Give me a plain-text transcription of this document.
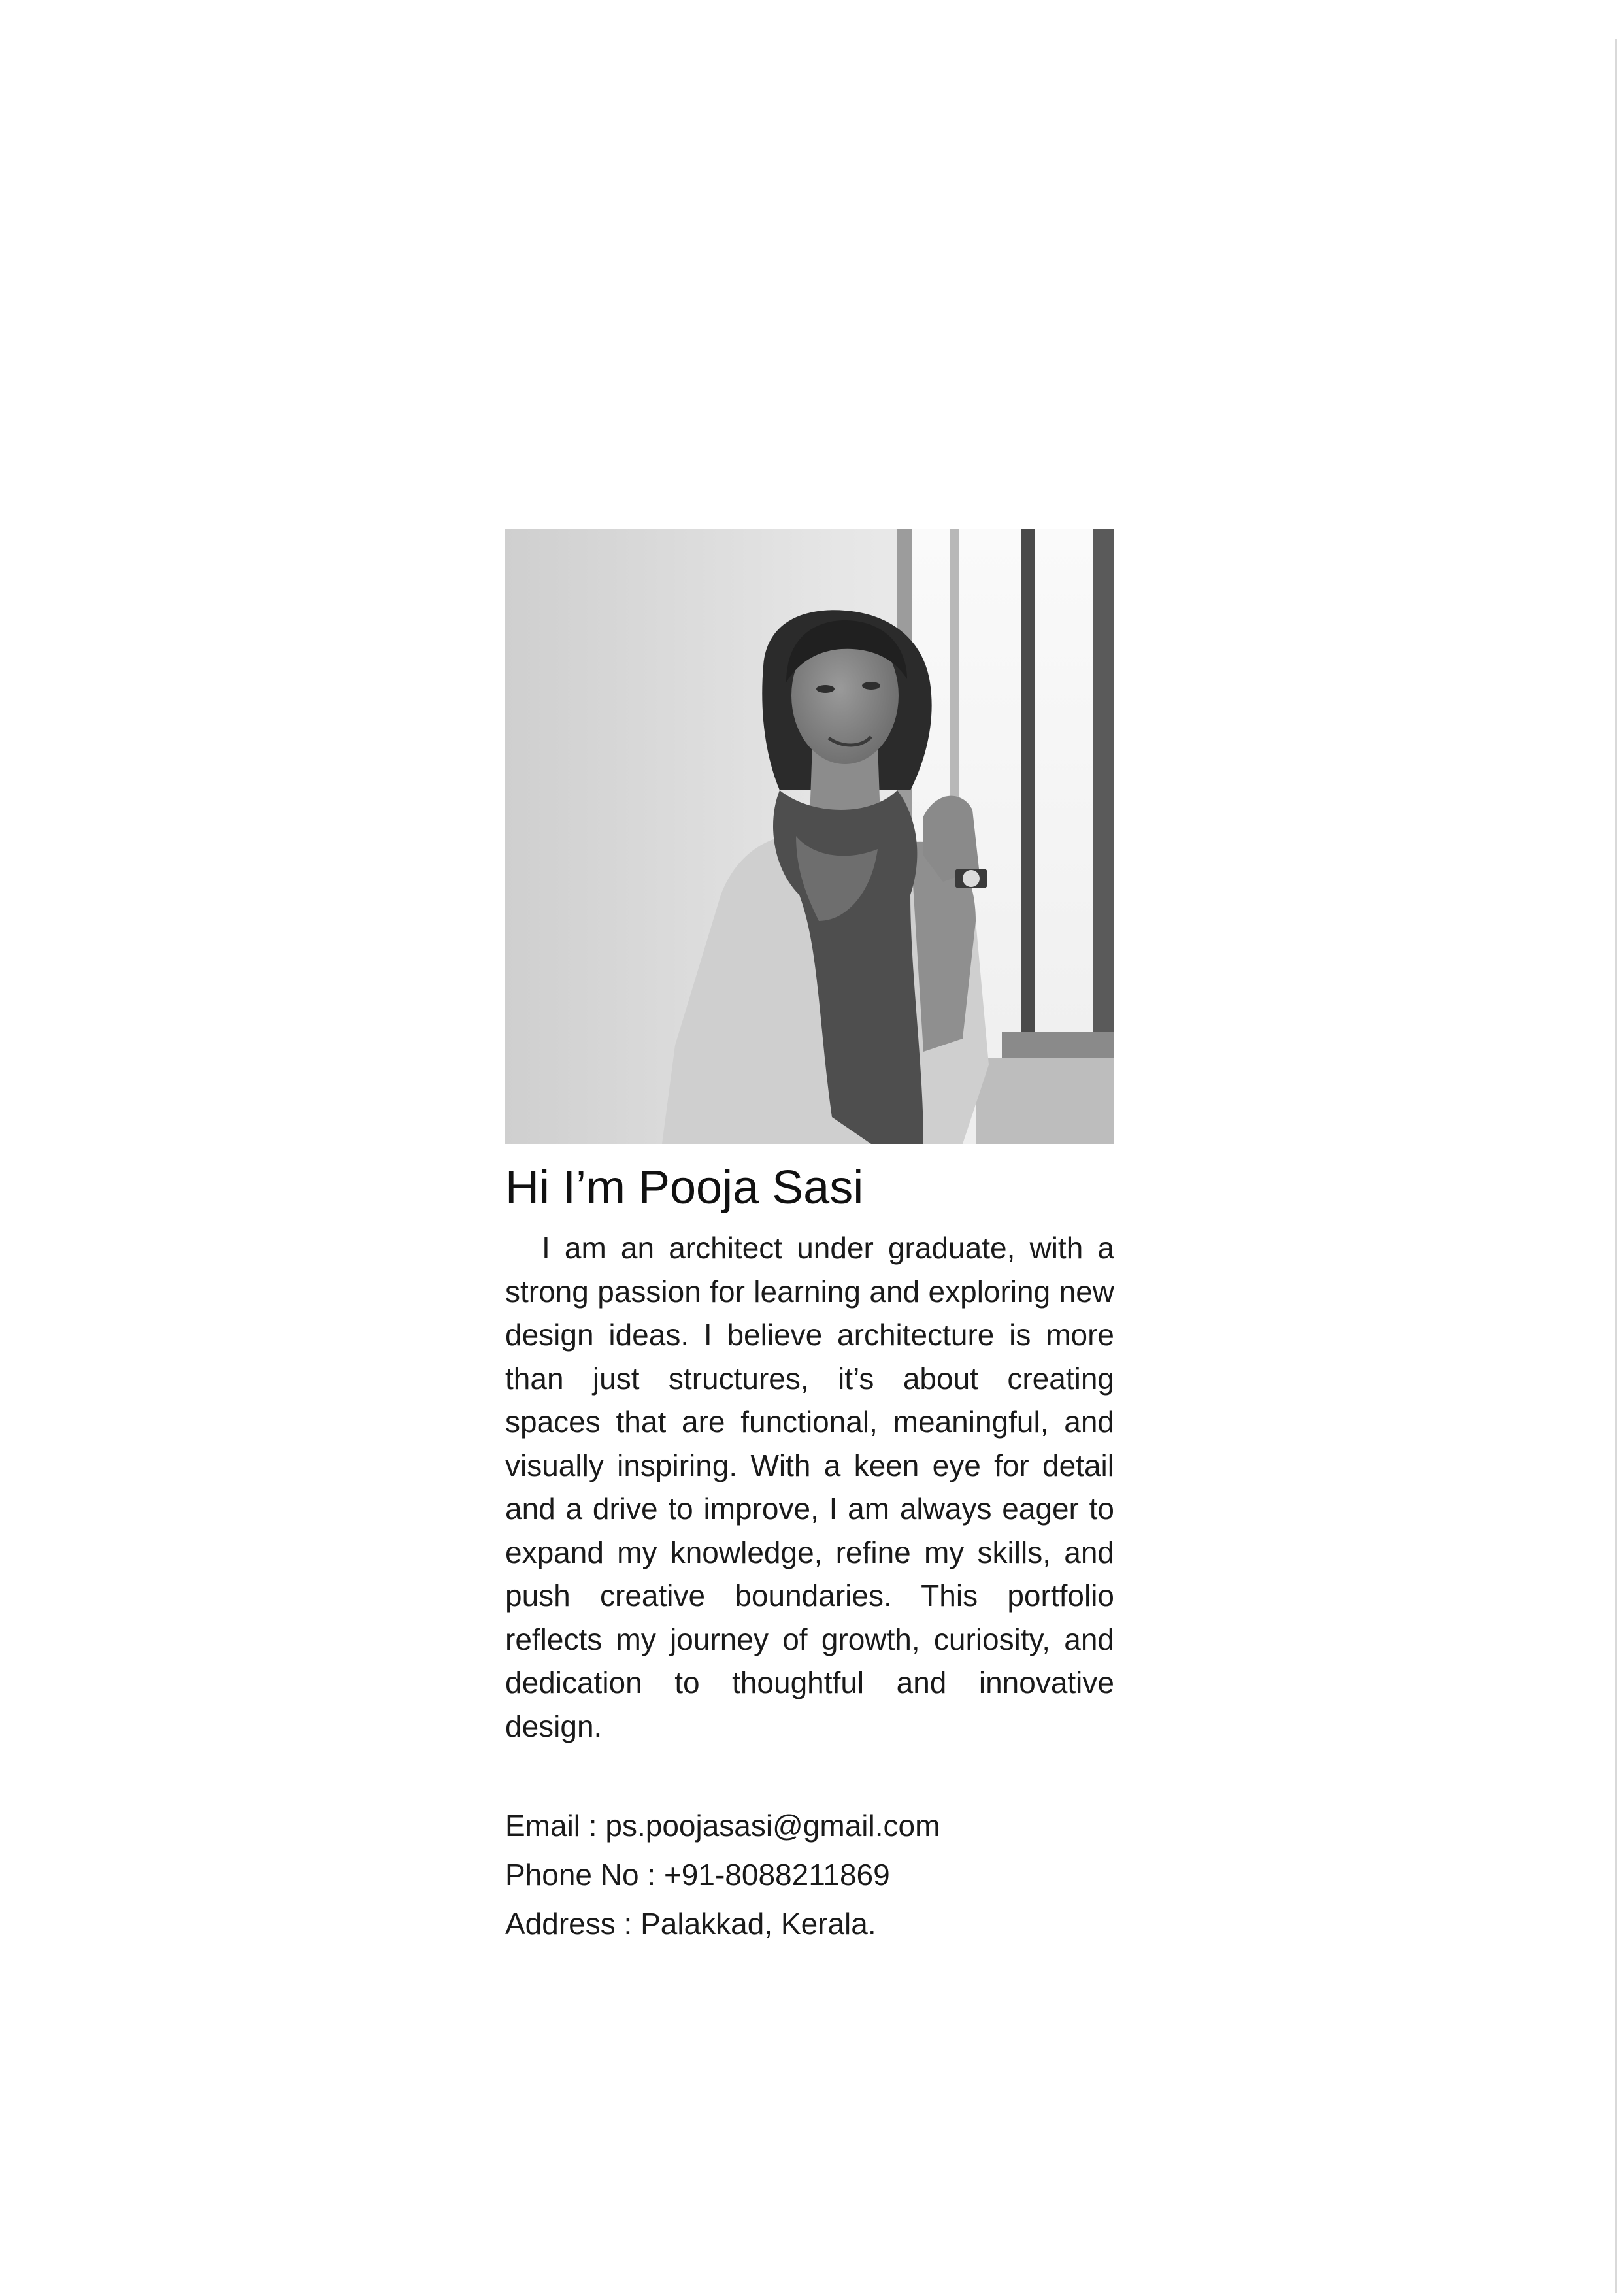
Hi I’m Pooja Sasi

I am an architect under graduate, with a strong passion for learning and exploring new design ideas. I believe architecture is more than just structures, it’s about creating spaces that are functional, meaningful, and visually inspiring. With a keen eye for detail and a drive to improve, I am always eager to expand my knowledge, refine my skills, and push creative boundaries. This portfolio reflects my journey of growth, curiosity, and dedication to thoughtful and innovative design.

Email : ps.poojasasi@gmail.com
Phone No : +91-8088211869
Address : Palakkad, Kerala.
